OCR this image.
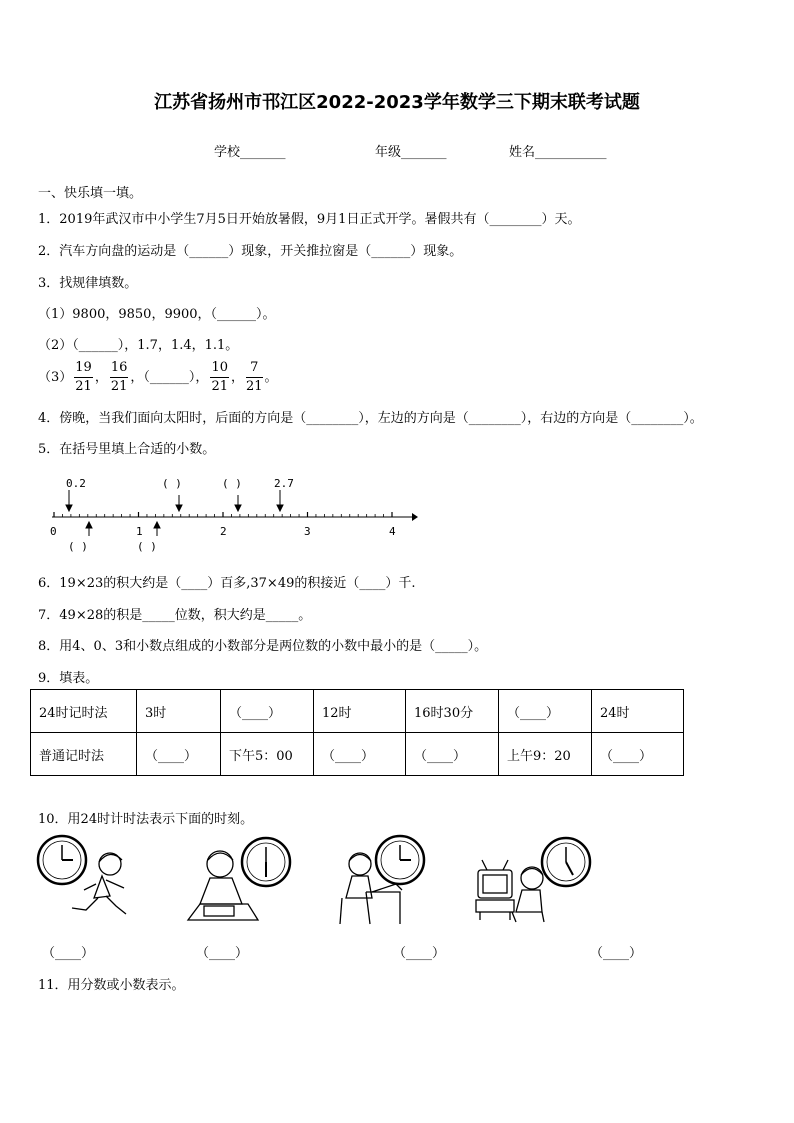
江苏省扬州市邗江区2022-2023学年数学三下期末联考试题
学校_______	年级_______	姓名___________
一、快乐填一填。
1．2019年武汉市中小学生7月5日开始放暑假，9月1日正式开学。暑假共有（________）天。
2．汽车方向盘的运动是（______）现象，开关推拉窗是（______）现象。
3．找规律填数。
（1）9800，9850，9900，（______）。
（2）（______），1.7，1.4，1.1。
$(3) \frac{19}{21}$ ， $\frac{16}{21}$ ，（______）， $\frac{10}{21}$ ， $\frac{7}{21}$ 。
4．傍晚，当我们面向太阳时，后面的方向是（________），左边的方向是（________），右边的方向是（________）。
5．在括号里填上合适的小数。
0.2	( )	( )	2.7
0	1	2	3	4
( )	( )
6．19×23的积大约是（____）百多,37×49的积接近（____）千.
7．49×28的积是_____位数，积大约是_____。
8．用4、0、3和小数点组成的小数部分是两位数的小数中最小的是（_____）。
9．填表。
24时记时法	3时	（____）	12时	16时30分	（____）	24时
普通记时法	（____）	下午5：00	（____）	（____）	上午9：20	（____）
10．用24时计时法表示下面的时刻。
（____）	（____）	（____）	（____）
11．用分数或小数表示。
